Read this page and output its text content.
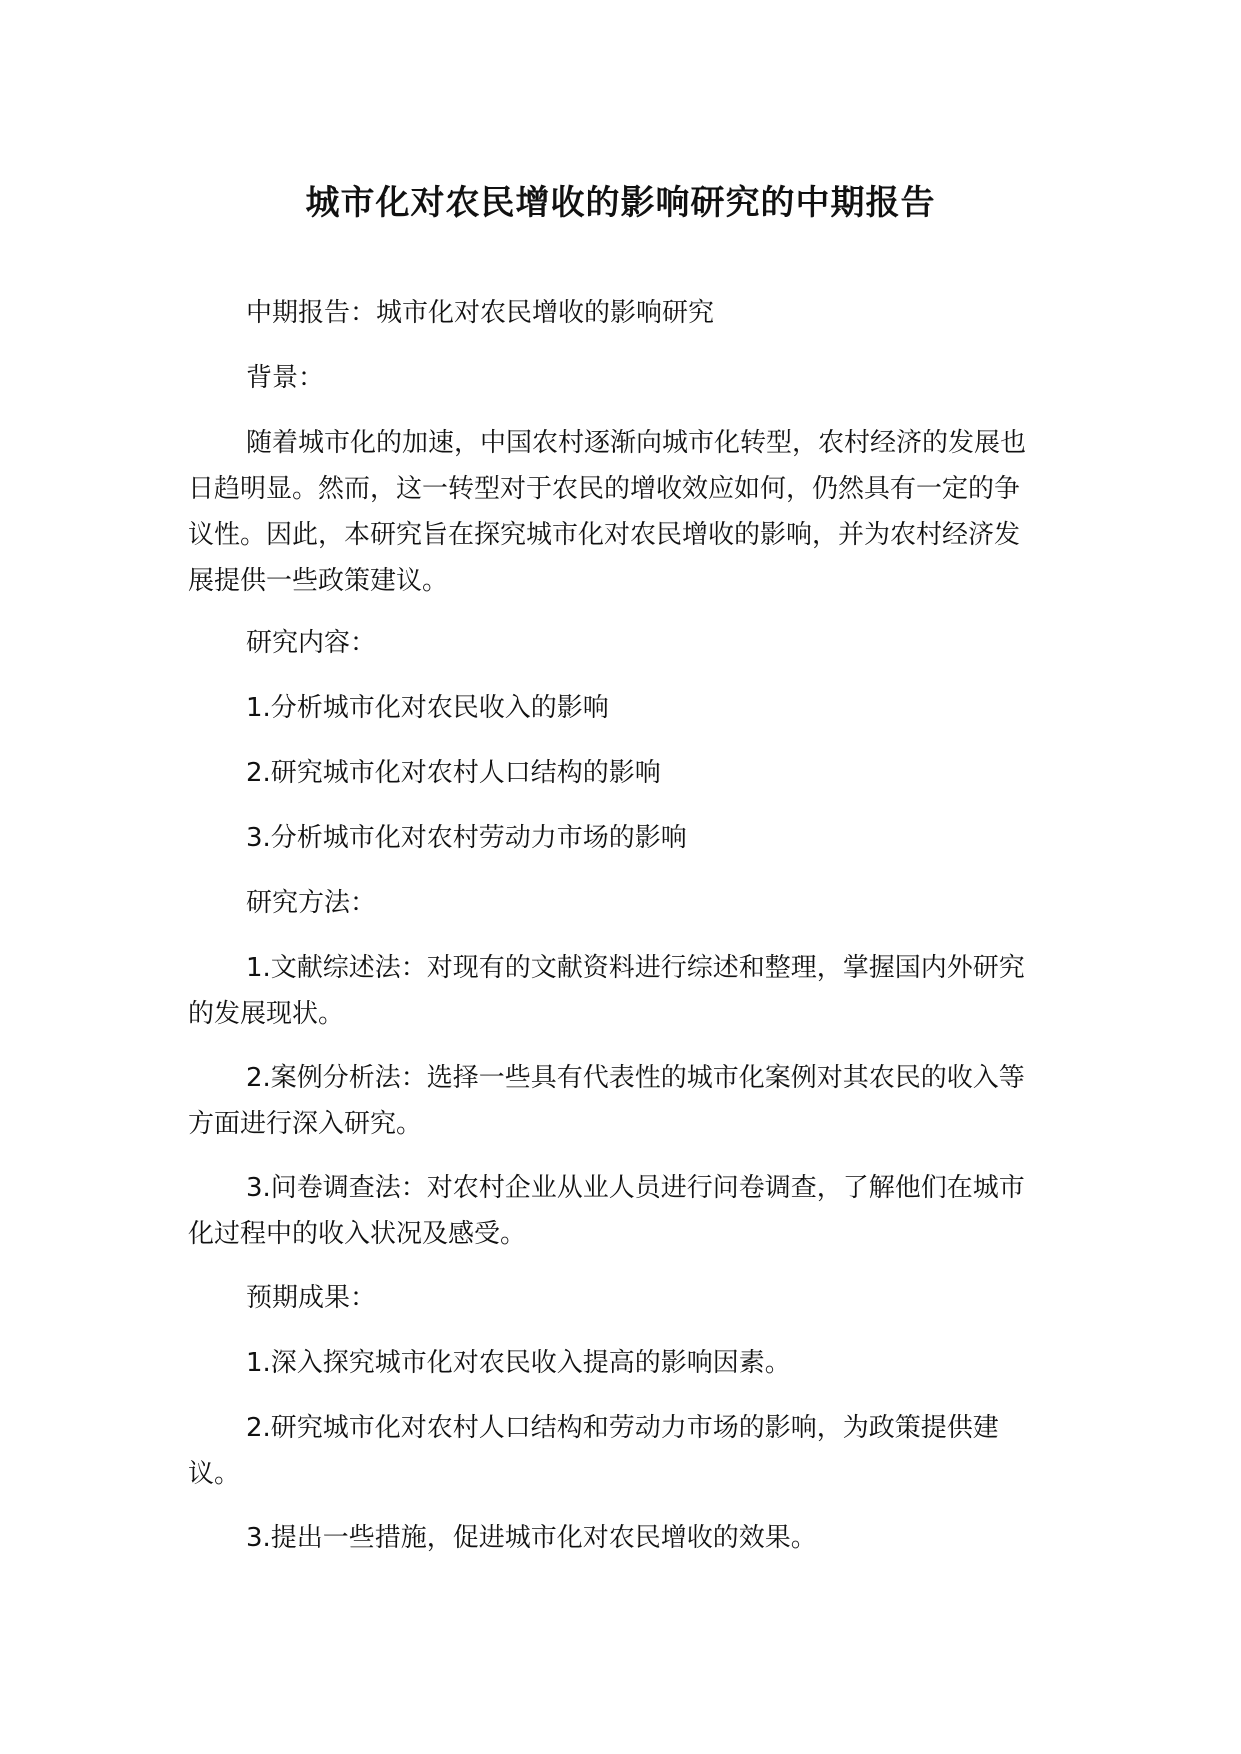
城市化对农民增收的影响研究的中期报告

中期报告：城市化对农民增收的影响研究

背景：

随着城市化的加速，中国农村逐渐向城市化转型，农村经济的发展也日趋明显。然而，这一转型对于农民的增收效应如何，仍然具有一定的争议性。因此，本研究旨在探究城市化对农民增收的影响，并为农村经济发展提供一些政策建议。

研究内容：

1.分析城市化对农民收入的影响

2.研究城市化对农村人口结构的影响

3.分析城市化对农村劳动力市场的影响

研究方法：

1.文献综述法：对现有的文献资料进行综述和整理，掌握国内外研究的发展现状。

2.案例分析法：选择一些具有代表性的城市化案例对其农民的收入等方面进行深入研究。

3.问卷调查法：对农村企业从业人员进行问卷调查，了解他们在城市化过程中的收入状况及感受。

预期成果：

1.深入探究城市化对农民收入提高的影响因素。

2.研究城市化对农村人口结构和劳动力市场的影响，为政策提供建议。

3.提出一些措施，促进城市化对农民增收的效果。
